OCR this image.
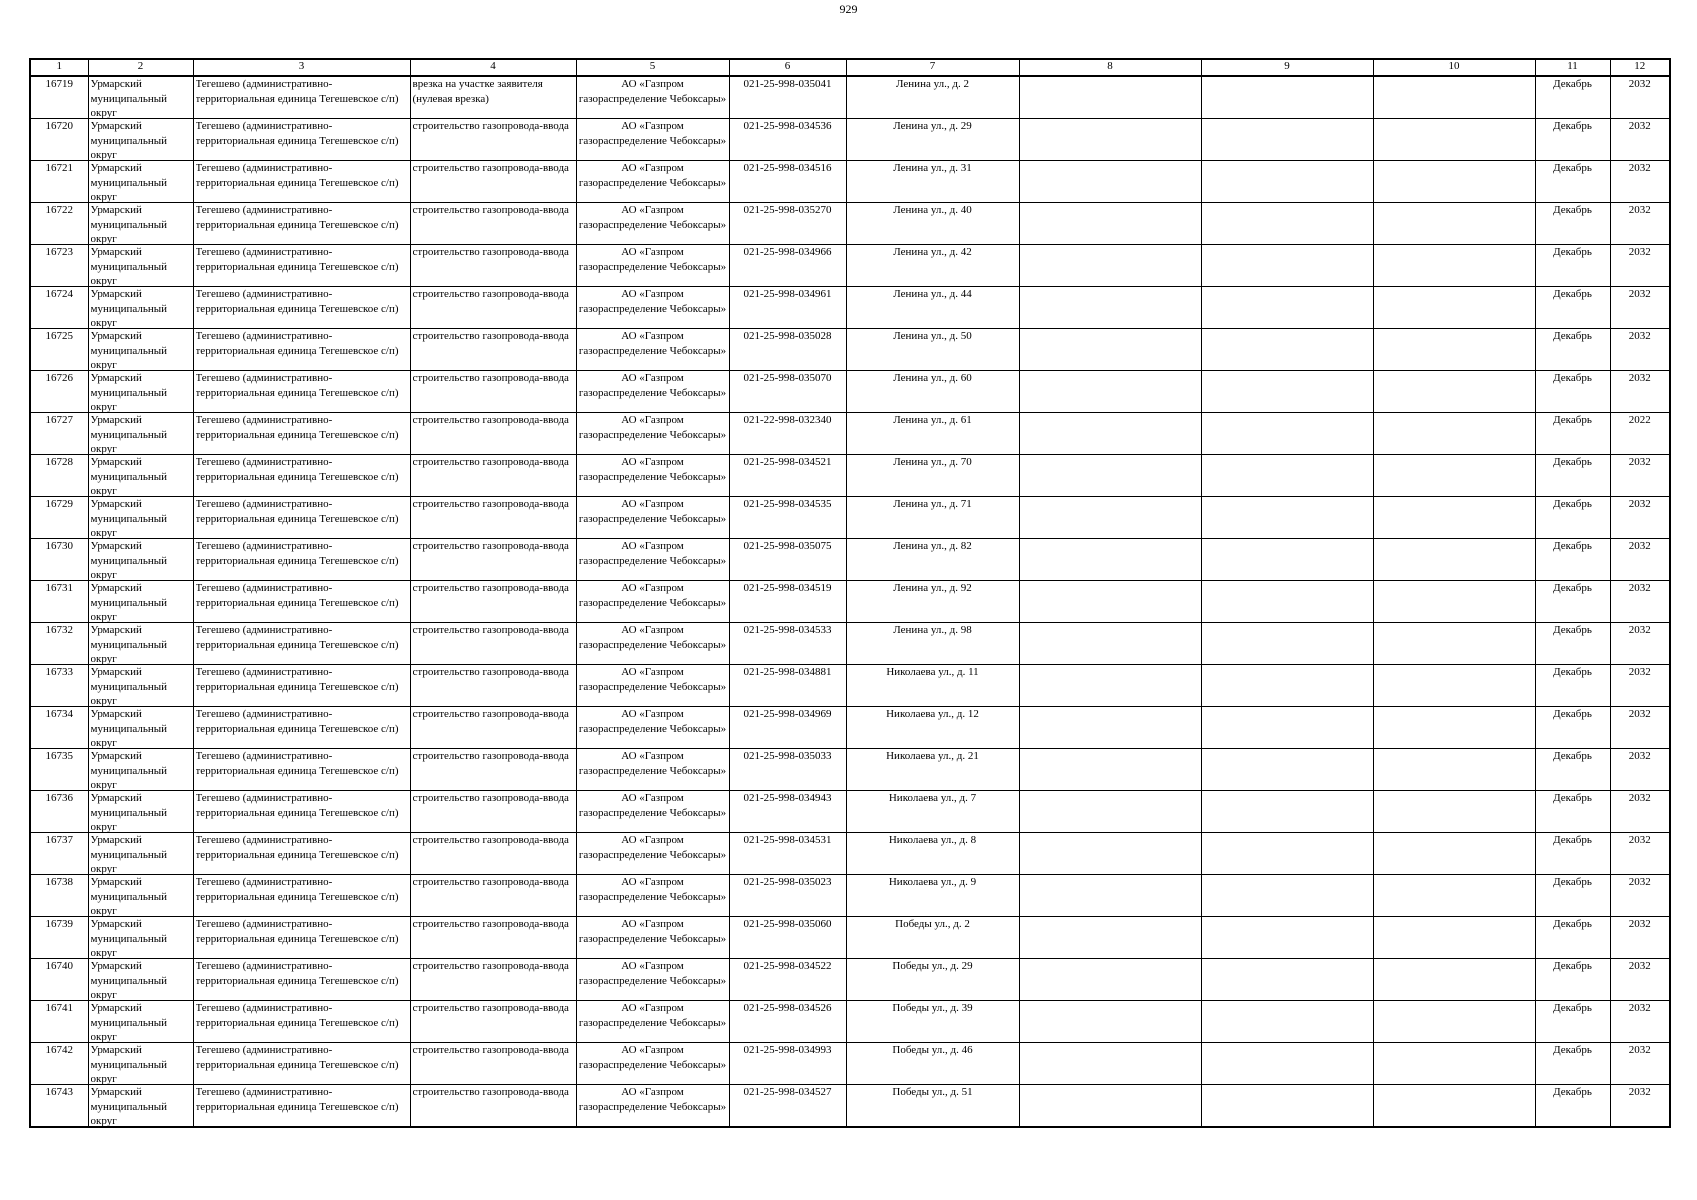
929
1	2	3	4	5	6	7	8	9	10	11	12

16719	Урмарский муниципальный округ	Тегешево (административно-территориальная единица Тегешевское с/п)	врезка на участке заявителя (нулевая врезка)	АО «Газпром газораспределение Чебоксары»	021-25-998-035041	Ленина ул., д. 2				Декабрь	2032

16720	Урмарский муниципальный округ	Тегешево (административно-территориальная единица Тегешевское с/п)	строительство газопровода-ввода	АО «Газпром газораспределение Чебоксары»	021-25-998-034536	Ленина ул., д. 29				Декабрь	2032

16721	Урмарский муниципальный округ	Тегешево (административно-территориальная единица Тегешевское с/п)	строительство газопровода-ввода	АО «Газпром газораспределение Чебоксары»	021-25-998-034516	Ленина ул., д. 31				Декабрь	2032

16722	Урмарский муниципальный округ	Тегешево (административно-территориальная единица Тегешевское с/п)	строительство газопровода-ввода	АО «Газпром газораспределение Чебоксары»	021-25-998-035270	Ленина ул., д. 40				Декабрь	2032

16723	Урмарский муниципальный округ	Тегешево (административно-территориальная единица Тегешевское с/п)	строительство газопровода-ввода	АО «Газпром газораспределение Чебоксары»	021-25-998-034966	Ленина ул., д. 42				Декабрь	2032

16724	Урмарский муниципальный округ	Тегешево (административно-территориальная единица Тегешевское с/п)	строительство газопровода-ввода	АО «Газпром газораспределение Чебоксары»	021-25-998-034961	Ленина ул., д. 44				Декабрь	2032

16725	Урмарский муниципальный округ	Тегешево (административно-территориальная единица Тегешевское с/п)	строительство газопровода-ввода	АО «Газпром газораспределение Чебоксары»	021-25-998-035028	Ленина ул., д. 50				Декабрь	2032

16726	Урмарский муниципальный округ	Тегешево (административно-территориальная единица Тегешевское с/п)	строительство газопровода-ввода	АО «Газпром газораспределение Чебоксары»	021-25-998-035070	Ленина ул., д. 60				Декабрь	2032

16727	Урмарский муниципальный округ	Тегешево (административно-территориальная единица Тегешевское с/п)	строительство газопровода-ввода	АО «Газпром газораспределение Чебоксары»	021-22-998-032340	Ленина ул., д. 61				Декабрь	2022

16728	Урмарский муниципальный округ	Тегешево (административно-территориальная единица Тегешевское с/п)	строительство газопровода-ввода	АО «Газпром газораспределение Чебоксары»	021-25-998-034521	Ленина ул., д. 70				Декабрь	2032

16729	Урмарский муниципальный округ	Тегешево (административно-территориальная единица Тегешевское с/п)	строительство газопровода-ввода	АО «Газпром газораспределение Чебоксары»	021-25-998-034535	Ленина ул., д. 71				Декабрь	2032

16730	Урмарский муниципальный округ	Тегешево (административно-территориальная единица Тегешевское с/п)	строительство газопровода-ввода	АО «Газпром газораспределение Чебоксары»	021-25-998-035075	Ленина ул., д. 82				Декабрь	2032

16731	Урмарский муниципальный округ	Тегешево (административно-территориальная единица Тегешевское с/п)	строительство газопровода-ввода	АО «Газпром газораспределение Чебоксары»	021-25-998-034519	Ленина ул., д. 92				Декабрь	2032

16732	Урмарский муниципальный округ	Тегешево (административно-территориальная единица Тегешевское с/п)	строительство газопровода-ввода	АО «Газпром газораспределение Чебоксары»	021-25-998-034533	Ленина ул., д. 98				Декабрь	2032

16733	Урмарский муниципальный округ	Тегешево (административно-территориальная единица Тегешевское с/п)	строительство газопровода-ввода	АО «Газпром газораспределение Чебоксары»	021-25-998-034881	Николаева ул., д. 11				Декабрь	2032

16734	Урмарский муниципальный округ	Тегешево (административно-территориальная единица Тегешевское с/п)	строительство газопровода-ввода	АО «Газпром газораспределение Чебоксары»	021-25-998-034969	Николаева ул., д. 12				Декабрь	2032

16735	Урмарский муниципальный округ	Тегешево (административно-территориальная единица Тегешевское с/п)	строительство газопровода-ввода	АО «Газпром газораспределение Чебоксары»	021-25-998-035033	Николаева ул., д. 21				Декабрь	2032

16736	Урмарский муниципальный округ	Тегешево (административно-территориальная единица Тегешевское с/п)	строительство газопровода-ввода	АО «Газпром газораспределение Чебоксары»	021-25-998-034943	Николаева ул., д. 7				Декабрь	2032

16737	Урмарский муниципальный округ	Тегешево (административно-территориальная единица Тегешевское с/п)	строительство газопровода-ввода	АО «Газпром газораспределение Чебоксары»	021-25-998-034531	Николаева ул., д. 8				Декабрь	2032

16738	Урмарский муниципальный округ	Тегешево (административно-территориальная единица Тегешевское с/п)	строительство газопровода-ввода	АО «Газпром газораспределение Чебоксары»	021-25-998-035023	Николаева ул., д. 9				Декабрь	2032

16739	Урмарский муниципальный округ	Тегешево (административно-территориальная единица Тегешевское с/п)	строительство газопровода-ввода	АО «Газпром газораспределение Чебоксары»	021-25-998-035060	Победы ул., д. 2				Декабрь	2032

16740	Урмарский муниципальный округ	Тегешево (административно-территориальная единица Тегешевское с/п)	строительство газопровода-ввода	АО «Газпром газораспределение Чебоксары»	021-25-998-034522	Победы ул., д. 29				Декабрь	2032

16741	Урмарский муниципальный округ	Тегешево (административно-территориальная единица Тегешевское с/п)	строительство газопровода-ввода	АО «Газпром газораспределение Чебоксары»	021-25-998-034526	Победы ул., д. 39				Декабрь	2032

16742	Урмарский муниципальный округ	Тегешево (административно-территориальная единица Тегешевское с/п)	строительство газопровода-ввода	АО «Газпром газораспределение Чебоксары»	021-25-998-034993	Победы ул., д. 46				Декабрь	2032

16743	Урмарский муниципальный округ	Тегешево (административно-территориальная единица Тегешевское с/п)	строительство газопровода-ввода	АО «Газпром газораспределение Чебоксары»	021-25-998-034527	Победы ул., д. 51				Декабрь	2032
